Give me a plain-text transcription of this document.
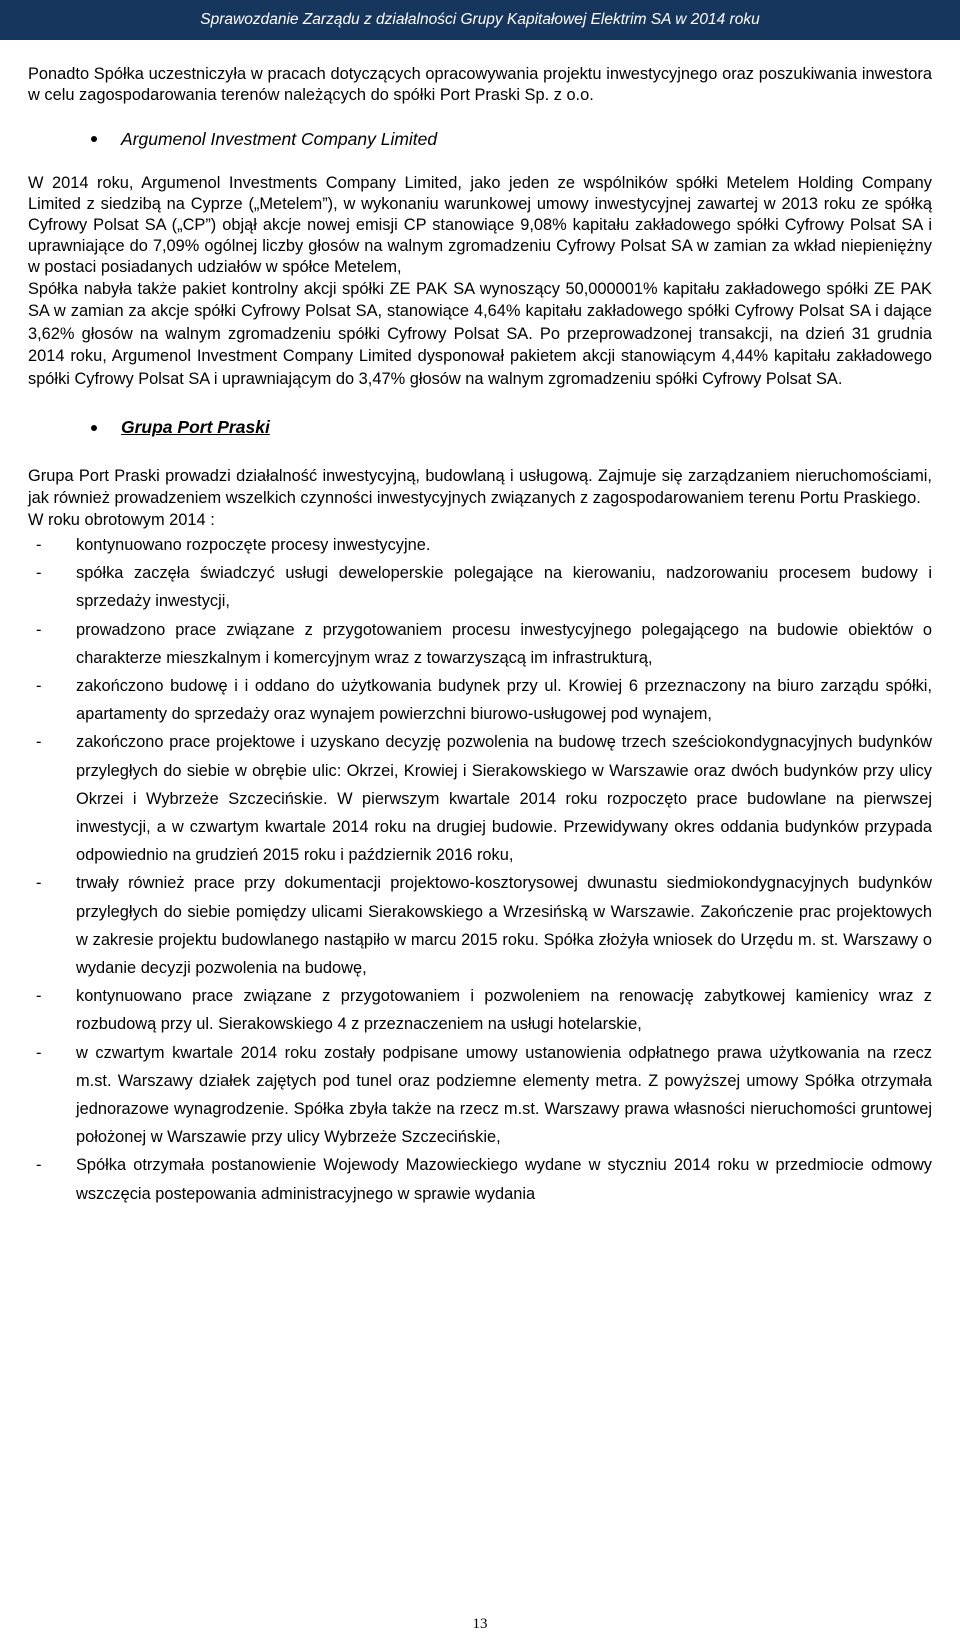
Sprawozdanie Zarządu z działalności Grupy Kapitałowej Elektrim SA w 2014 roku

Ponadto Spółka uczestniczyła w pracach dotyczących opracowywania projektu inwestycyjnego oraz poszukiwania inwestora w celu zagospodarowania terenów należących do spółki Port Praski Sp. z o.o.

Argumenol Investment Company Limited

W 2014 roku, Argumenol Investments Company Limited, jako jeden ze wspólników spółki Metelem Holding Company Limited z siedzibą na Cyprze („Metelem”), w wykonaniu warunkowej umowy inwestycyjnej zawartej w 2013 roku ze spółką Cyfrowy Polsat SA („CP”) objął akcje nowej emisji CP stanowiące 9,08% kapitału zakładowego spółki Cyfrowy Polsat SA i uprawniające do 7,09% ogólnej liczby głosów na walnym zgromadzeniu Cyfrowy Polsat SA w zamian za wkład niepieniężny w postaci posiadanych udziałów w spółce Metelem,

Spółka nabyła także pakiet kontrolny akcji spółki ZE PAK SA wynoszący 50,000001% kapitału zakładowego spółki ZE PAK SA w zamian za akcje spółki Cyfrowy Polsat SA, stanowiące 4,64% kapitału zakładowego spółki Cyfrowy Polsat SA i dające 3,62% głosów na walnym zgromadzeniu spółki Cyfrowy Polsat SA. Po przeprowadzonej transakcji, na dzień 31 grudnia 2014 roku, Argumenol Investment Company Limited dysponował pakietem akcji stanowiącym 4,44% kapitału zakładowego spółki Cyfrowy Polsat SA i uprawniającym do 3,47% głosów na walnym zgromadzeniu spółki Cyfrowy Polsat SA.

Grupa Port Praski

Grupa Port Praski prowadzi działalność inwestycyjną, budowlaną i usługową. Zajmuje się zarządzaniem nieruchomościami, jak również prowadzeniem wszelkich czynności inwestycyjnych związanych z zagospodarowaniem terenu Portu Praskiego.

W roku obrotowym 2014 :

- kontynuowano rozpoczęte procesy inwestycyjne.
- spółka zaczęła świadczyć usługi deweloperskie polegające na kierowaniu, nadzorowaniu procesem budowy i sprzedaży inwestycji,
- prowadzono prace związane z przygotowaniem procesu inwestycyjnego polegającego na budowie obiektów o charakterze mieszkalnym i komercyjnym wraz z towarzyszącą im infrastrukturą,
- zakończono budowę i i oddano do użytkowania budynek przy ul. Krowiej 6 przeznaczony na biuro zarządu spółki, apartamenty do sprzedaży oraz wynajem powierzchni biurowo-usługowej pod wynajem,
- zakończono prace projektowe i uzyskano decyzję pozwolenia na budowę trzech sześciokondygnacyjnych budynków przyległych do siebie w obrębie ulic: Okrzei, Krowiej i Sierakowskiego w Warszawie oraz dwóch budynków przy ulicy Okrzei i Wybrzeże Szczecińskie. W pierwszym kwartale 2014 roku rozpoczęto prace budowlane na pierwszej inwestycji, a w czwartym kwartale 2014 roku na drugiej budowie. Przewidywany okres oddania budynków przypada odpowiednio na grudzień 2015 roku i październik 2016 roku,
- trwały również prace przy dokumentacji projektowo-kosztorysowej dwunastu siedmiokondygnacyjnych budynków przyległych do siebie pomiędzy ulicami Sierakowskiego a Wrzesińską w Warszawie. Zakończenie prac projektowych w zakresie projektu budowlanego nastąpiło w marcu 2015 roku. Spółka złożyła wniosek do Urzędu m. st. Warszawy o wydanie decyzji pozwolenia na budowę,
- kontynuowano prace związane z przygotowaniem i pozwoleniem na renowację zabytkowej kamienicy wraz z rozbudową przy ul. Sierakowskiego 4 z przeznaczeniem na usługi hotelarskie,
- w czwartym kwartale 2014 roku zostały podpisane umowy ustanowienia odpłatnego prawa użytkowania na rzecz m.st. Warszawy działek zajętych pod tunel oraz podziemne elementy metra. Z powyższej umowy Spółka otrzymała jednorazowe wynagrodzenie. Spółka zbyła także na rzecz m.st. Warszawy prawa własności nieruchomości gruntowej położonej w Warszawie przy ulicy Wybrzeże Szczecińskie,
- Spółka otrzymała postanowienie Wojewody Mazowieckiego wydane w styczniu 2014 roku w przedmiocie odmowy wszczęcia postepowania administracyjnego w sprawie wydania
13
